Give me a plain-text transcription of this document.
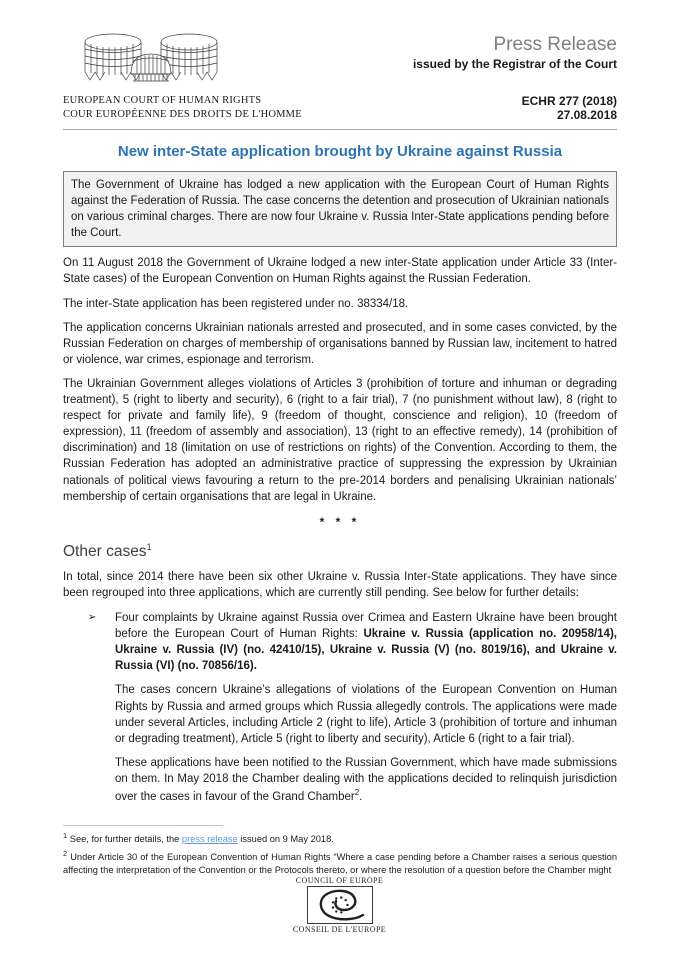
EUROPEAN COURT OF HUMAN RIGHTS
COUR EUROPÉENNE DES DROITS DE L'HOMME
Press Release
issued by the Registrar of the Court
ECHR 277 (2018)
27.08.2018
New inter-State application brought by Ukraine against Russia
The Government of Ukraine has lodged a new application with the European Court of Human Rights against the Federation of Russia. The case concerns the detention and prosecution of Ukrainian nationals on various criminal charges. There are now four Ukraine v. Russia Inter-State applications pending before the Court.

On 11 August 2018 the Government of Ukraine lodged a new inter-State application under Article 33 (Inter-State cases) of the European Convention on Human Rights against the Russian Federation.

The inter-State application has been registered under no. 38334/18.

The application concerns Ukrainian nationals arrested and prosecuted, and in some cases convicted, by the Russian Federation on charges of membership of organisations banned by Russian law, incitement to hatred or violence, war crimes, espionage and terrorism.

The Ukrainian Government alleges violations of Articles 3 (prohibition of torture and inhuman or degrading treatment), 5 (right to liberty and security), 6 (right to a fair trial), 7 (no punishment without law), 8 (right to respect for private and family life), 9 (freedom of thought, conscience and religion), 10 (freedom of expression), 11 (freedom of assembly and association), 13 (right to an effective remedy), 14 (prohibition of discrimination) and 18 (limitation on use of restrictions on rights) of the Convention. According to them, the Russian Federation has adopted an administrative practice of suppressing the expression by Ukrainian nationals of political views favouring a return to the pre-2014 borders and penalising Ukrainian nationals’ membership of certain organisations that are legal in Ukraine.

* * *
Other cases$^1$

In total, since 2014 there have been six other Ukraine v. Russia Inter-State applications. They have since been regrouped into three applications, which are currently still pending. See below for further details:

➢	Four complaints by Ukraine against Russia over Crimea and Eastern Ukraine have been brought before the European Court of Human Rights: Ukraine v. Russia (application no. 20958/14), Ukraine v. Russia (IV) (no. 42410/15), Ukraine v. Russia (V) (no. 8019/16), and Ukraine v. Russia (VI) (no. 70856/16).

The cases concern Ukraine’s allegations of violations of the European Convention on Human Rights by Russia and armed groups which Russia allegedly controls. The applications were made under several Articles, including Article 2 (right to life), Article 3 (prohibition of torture and inhuman or degrading treatment), Article 5 (right to liberty and security), Article 6 (right to a fair trial).

These applications have been notified to the Russian Government, which have made submissions on them. In May 2018 the Chamber dealing with the applications decided to relinquish jurisdiction over the cases in favour of the Grand Chamber$^2$.

$^1$ See, for further details, the press release issued on 9 May 2018.

$^2$ Under Article 30 of the European Convention of Human Rights “Where a case pending before a Chamber raises a serious question affecting the interpretation of the Convention or the Protocols thereto, or where the resolution of a question before the Chamber might

COUNCIL OF EUROPE
CONSEIL DE L'EUROPE
